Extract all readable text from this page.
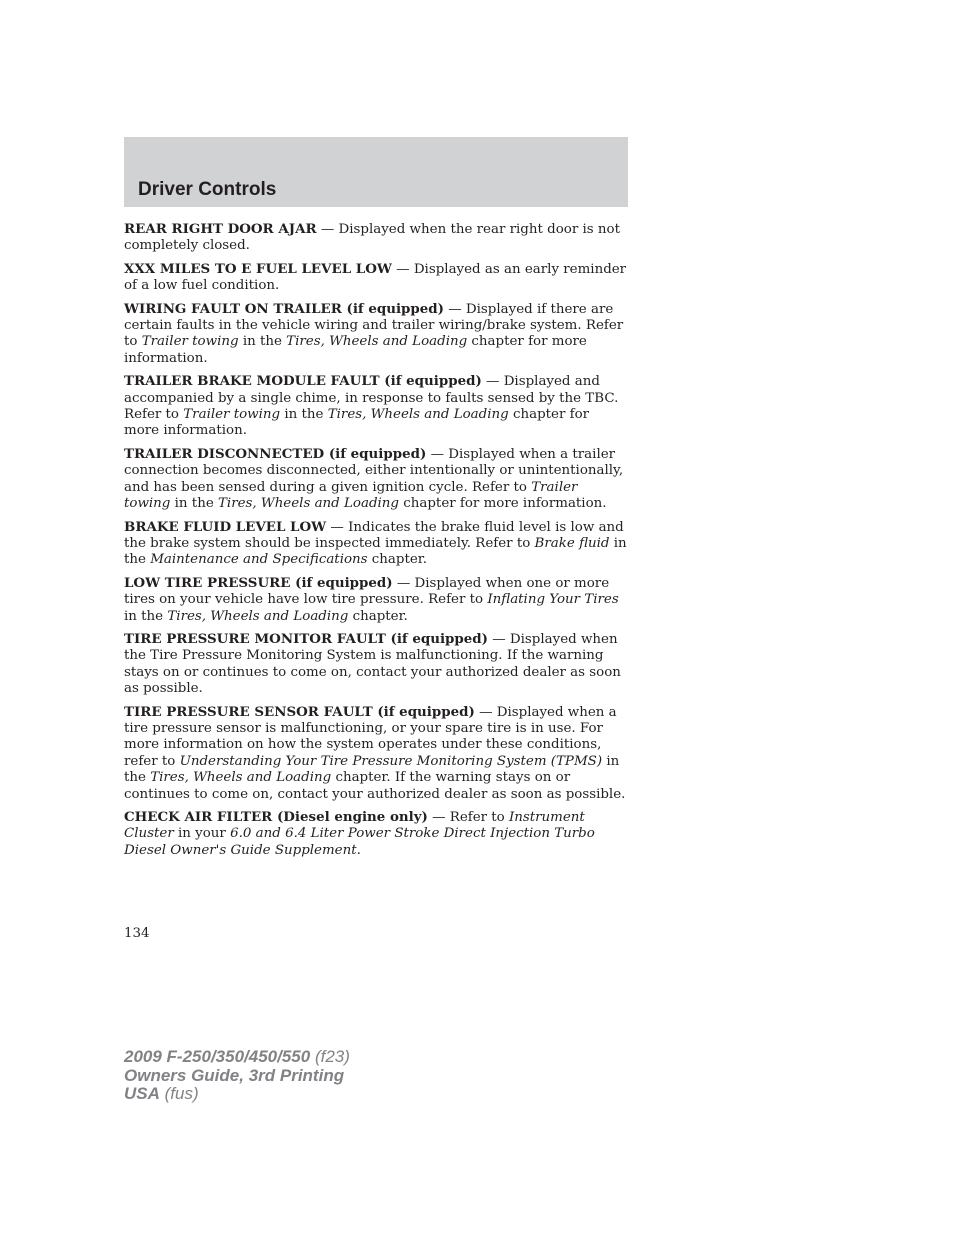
Driver Controls

REAR RIGHT DOOR AJAR — Displayed when the rear right door is not completely closed.

XXX MILES TO E FUEL LEVEL LOW — Displayed as an early reminder of a low fuel condition.

WIRING FAULT ON TRAILER (if equipped) — Displayed if there are certain faults in the vehicle wiring and trailer wiring/brake system. Refer to Trailer towing in the Tires, Wheels and Loading chapter for more information.

TRAILER BRAKE MODULE FAULT (if equipped) — Displayed and accompanied by a single chime, in response to faults sensed by the TBC. Refer to Trailer towing in the Tires, Wheels and Loading chapter for more information.

TRAILER DISCONNECTED (if equipped) — Displayed when a trailer connection becomes disconnected, either intentionally or unintentionally, and has been sensed during a given ignition cycle. Refer to Trailer towing in the Tires, Wheels and Loading chapter for more information.

BRAKE FLUID LEVEL LOW — Indicates the brake fluid level is low and the brake system should be inspected immediately. Refer to Brake fluid in the Maintenance and Specifications chapter.

LOW TIRE PRESSURE (if equipped) — Displayed when one or more tires on your vehicle have low tire pressure. Refer to Inflating Your Tires in the Tires, Wheels and Loading chapter.

TIRE PRESSURE MONITOR FAULT (if equipped) — Displayed when the Tire Pressure Monitoring System is malfunctioning. If the warning stays on or continues to come on, contact your authorized dealer as soon as possible.

TIRE PRESSURE SENSOR FAULT (if equipped) — Displayed when a tire pressure sensor is malfunctioning, or your spare tire is in use. For more information on how the system operates under these conditions, refer to Understanding Your Tire Pressure Monitoring System (TPMS) in the Tires, Wheels and Loading chapter. If the warning stays on or continues to come on, contact your authorized dealer as soon as possible.

CHECK AIR FILTER (Diesel engine only) — Refer to Instrument Cluster in your 6.0 and 6.4 Liter Power Stroke Direct Injection Turbo Diesel Owner's Guide Supplement.

134
2009 F-250/350/450/550 (f23)
Owners Guide, 3rd Printing
USA (fus)
